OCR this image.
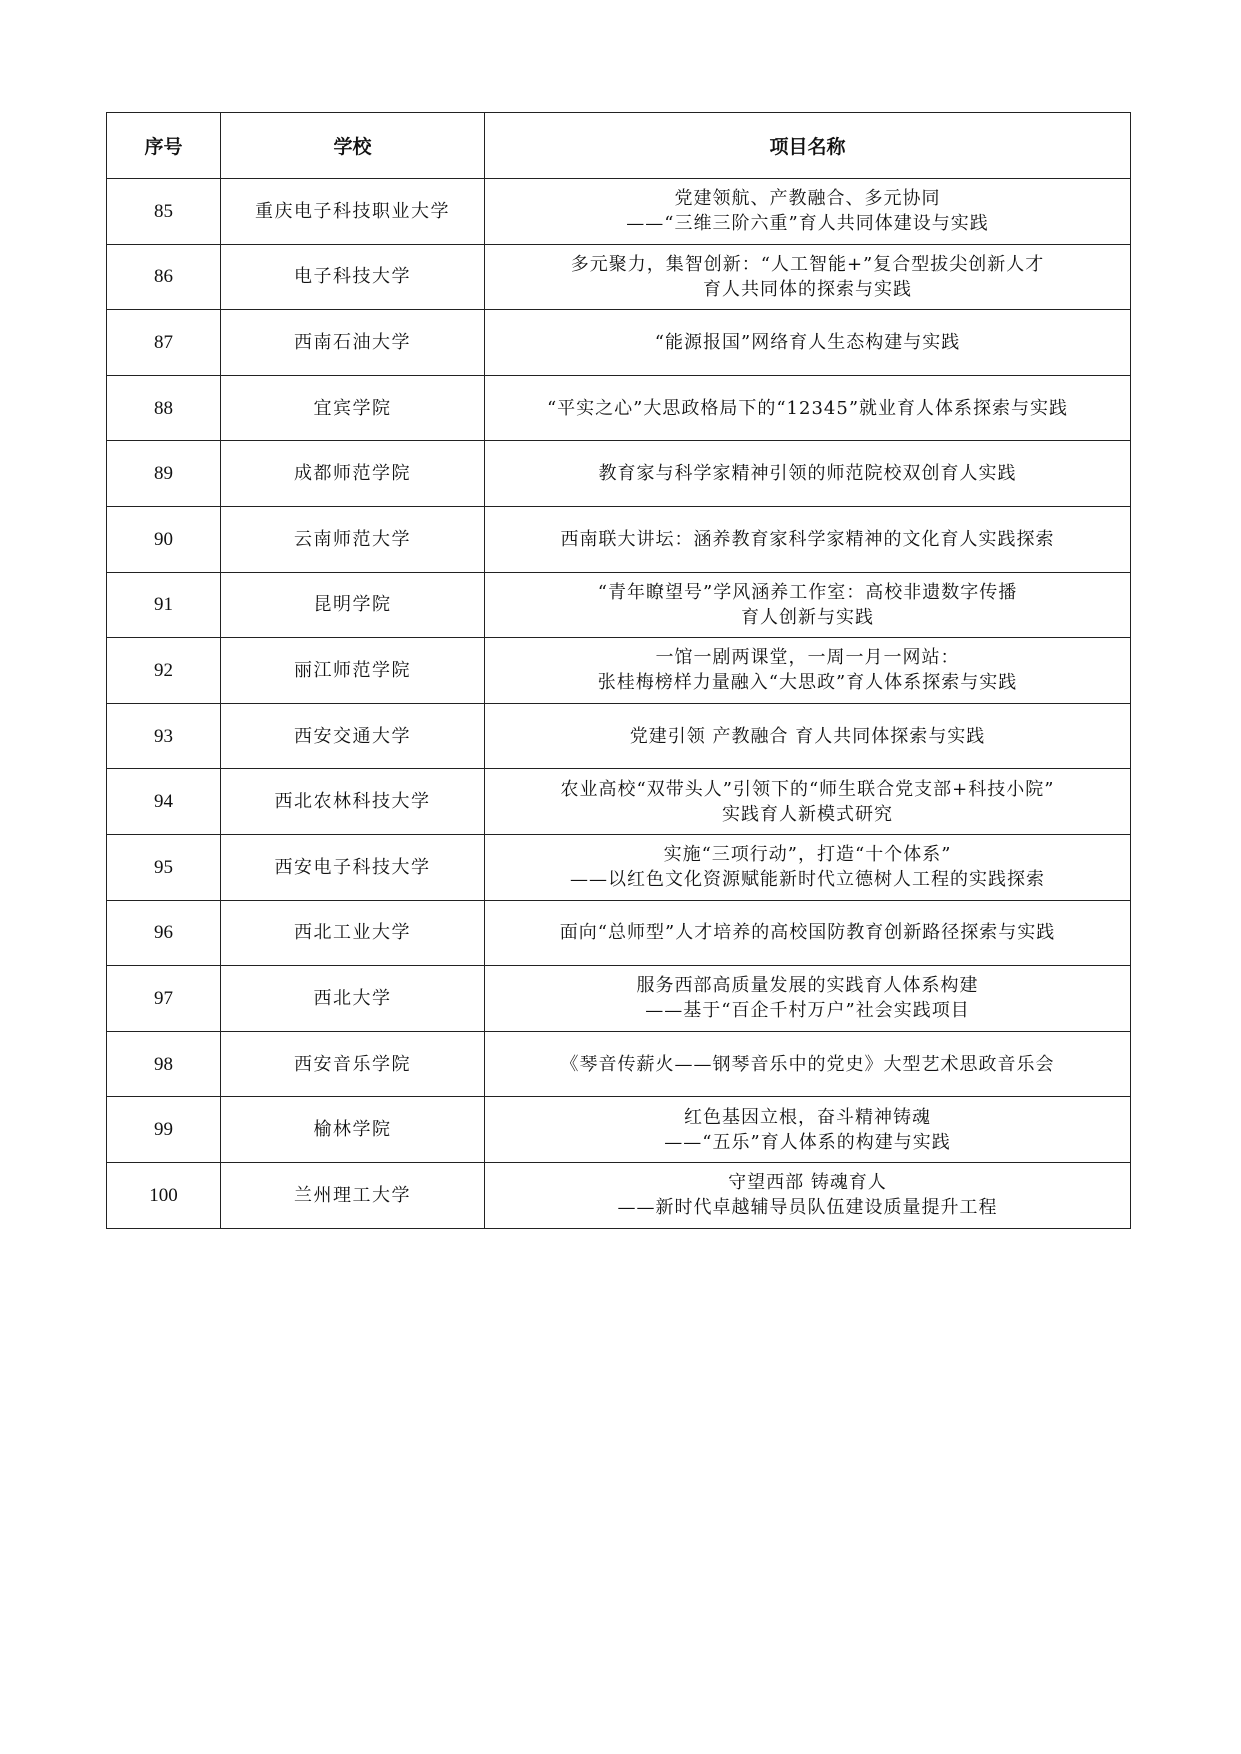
序号	学校	项目名称
85	重庆电子科技职业大学	党建领航、产教融合、多元协同
——“三维三阶六重”育人共同体建设与实践

86	电子科技大学	多元聚力，集智创新：“人工智能+”复合型拔尖创新人才
育人共同体的探索与实践

87	西南石油大学	“能源报国”网络育人生态构建与实践

88	宜宾学院	“平实之心”大思政格局下的“12345”就业育人体系探索与实践

89	成都师范学院	教育家与科学家精神引领的师范院校双创育人实践

90	云南师范大学	西南联大讲坛：涵养教育家科学家精神的文化育人实践探索

91	昆明学院	“青年瞭望号”学风涵养工作室：高校非遗数字传播
育人创新与实践

92	丽江师范学院	一馆一剧两课堂，一周一月一网站：
张桂梅榜样力量融入“大思政”育人体系探索与实践

93	西安交通大学	党建引领 产教融合 育人共同体探索与实践

94	西北农林科技大学	农业高校“双带头人”引领下的“师生联合党支部+科技小院”
实践育人新模式研究

95	西安电子科技大学	实施“三项行动”，打造“十个体系”
——以红色文化资源赋能新时代立德树人工程的实践探索

96	西北工业大学	面向“总师型”人才培养的高校国防教育创新路径探索与实践

97	西北大学	服务西部高质量发展的实践育人体系构建
——基于“百企千村万户”社会实践项目

98	西安音乐学院	《琴音传薪火——钢琴音乐中的党史》大型艺术思政音乐会

99	榆林学院	红色基因立根，奋斗精神铸魂
——“五乐”育人体系的构建与实践

100	兰州理工大学	守望西部 铸魂育人
——新时代卓越辅导员队伍建设质量提升工程
